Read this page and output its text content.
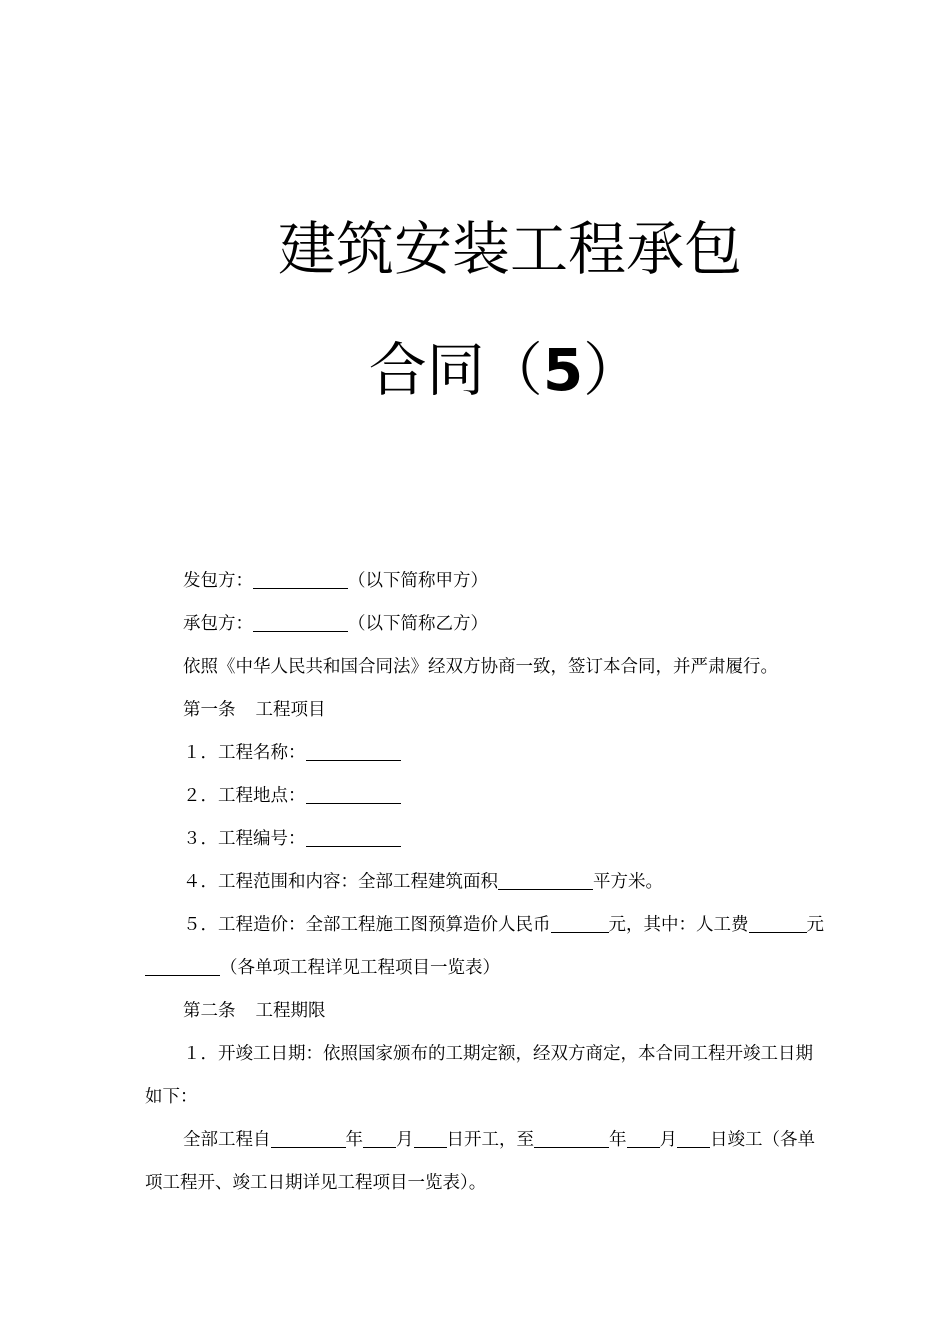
建筑安装工程承包
合同（5）

发包方：	（以下简称甲方）

承包方：	（以下简称乙方）

依照《中华人民共和国合同法》经双方协商一致，签订本合同，并严肃履行。

第一条 工程项目

１．工程名称：

２．工程地点：

３．工程编号：

４．工程范围和内容：全部工程建筑面积	平方米。

５．工程造价：全部工程施工图预算造价人民币	元，其中：人工费	元

（各单项工程详见工程项目一览表）

第二条 工程期限

１．开竣工日期：依照国家颁布的工期定额，经双方商定，本合同工程开竣工日期

如下：

全部工程自	年 月 日开工，至	年 月 日竣工（各单

项工程开、竣工日期详见工程项目一览表）。
